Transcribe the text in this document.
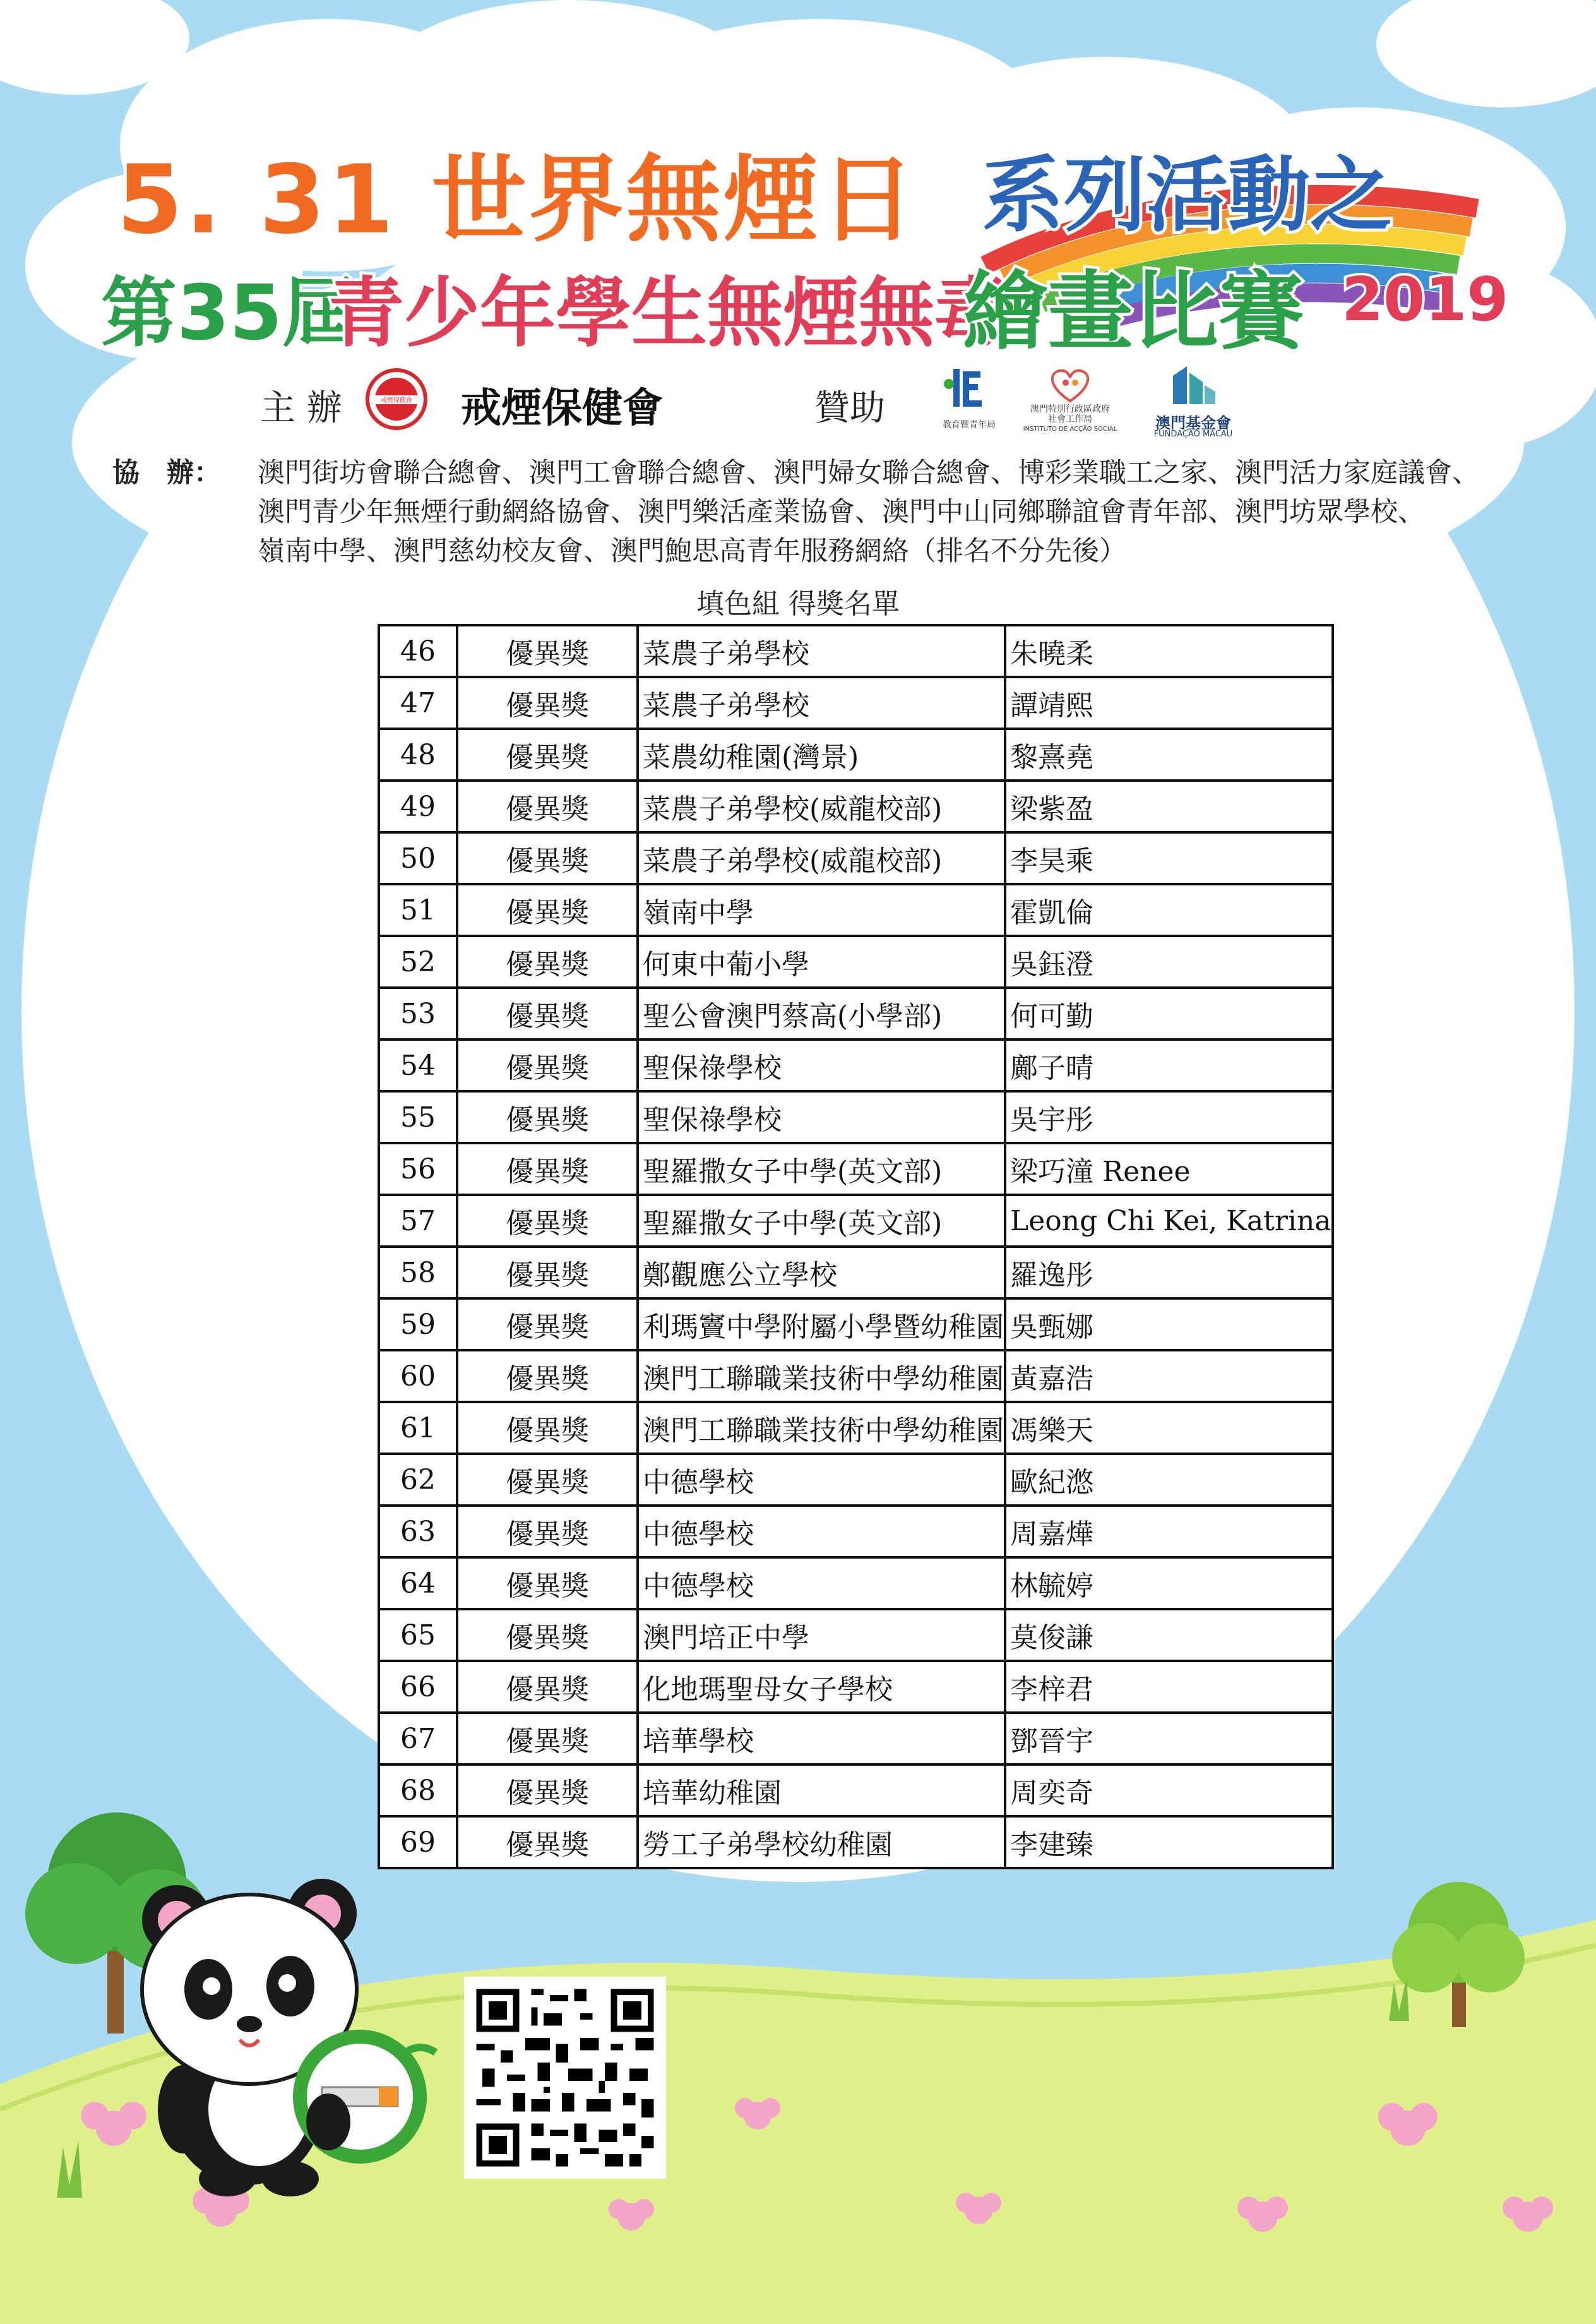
5. 31 世界無煙日 系列活動之
第35屆
青少年學生無煙無毒
繪畫比賽 2019
主 辦	戒煙保健會 戒煙保健會	贊助	教育暨青年局
澳門特別行政區政府
社會工作局
INSTITUTO DE ACÇÃO SOCIAL	澳門基金會
FUNDAÇÃO MACAU
協　辦： 澳門街坊會聯合總會、澳門工會聯合總會、澳門婦女聯合總會、博彩業職工之家、澳門活力家庭議會、
澳門青少年無煙行動網絡協會、澳門樂活產業協會、澳門中山同鄉聯誼會青年部、澳門坊眾學校、
嶺南中學、澳門慈幼校友會、澳門鮑思高青年服務網絡（排名不分先後）
填色組 得獎名單
46	優異獎	菜農子弟學校	朱曉柔
47	優異獎	菜農子弟學校	譚靖熙
48	優異獎	菜農幼稚園(灣景)	黎熹堯
49	優異獎	菜農子弟學校(威龍校部)	梁紫盈
50	優異獎	菜農子弟學校(威龍校部)	李昊乘
51	優異獎	嶺南中學	霍凱倫
52	優異獎	何東中葡小學	吳鈺澄
53	優異獎	聖公會澳門蔡高(小學部)	何可勤
54	優異獎	聖保祿學校	鄺子晴
55	優異獎	聖保祿學校	吳宇彤
56	優異獎	聖羅撒女子中學(英文部)	梁巧潼 Renee
57	優異獎	聖羅撒女子中學(英文部)	Leong Chi Kei, Katrina
58	優異獎	鄭觀應公立學校	羅逸彤
59	優異獎	利瑪竇中學附屬小學暨幼稚園	吳甄娜
60	優異獎	澳門工聯職業技術中學幼稚園	黃嘉浩
61	優異獎	澳門工聯職業技術中學幼稚園	馮樂天
62	優異獎	中德學校	歐紀滺
63	優異獎	中德學校	周嘉燁
64	優異獎	中德學校	林毓婷
65	優異獎	澳門培正中學	莫俊謙
66	優異獎	化地瑪聖母女子學校	李梓君
67	優異獎	培華學校	鄧晉宇
68	優異獎	培華幼稚園	周奕奇
69	優異獎	勞工子弟學校幼稚園	李建臻
